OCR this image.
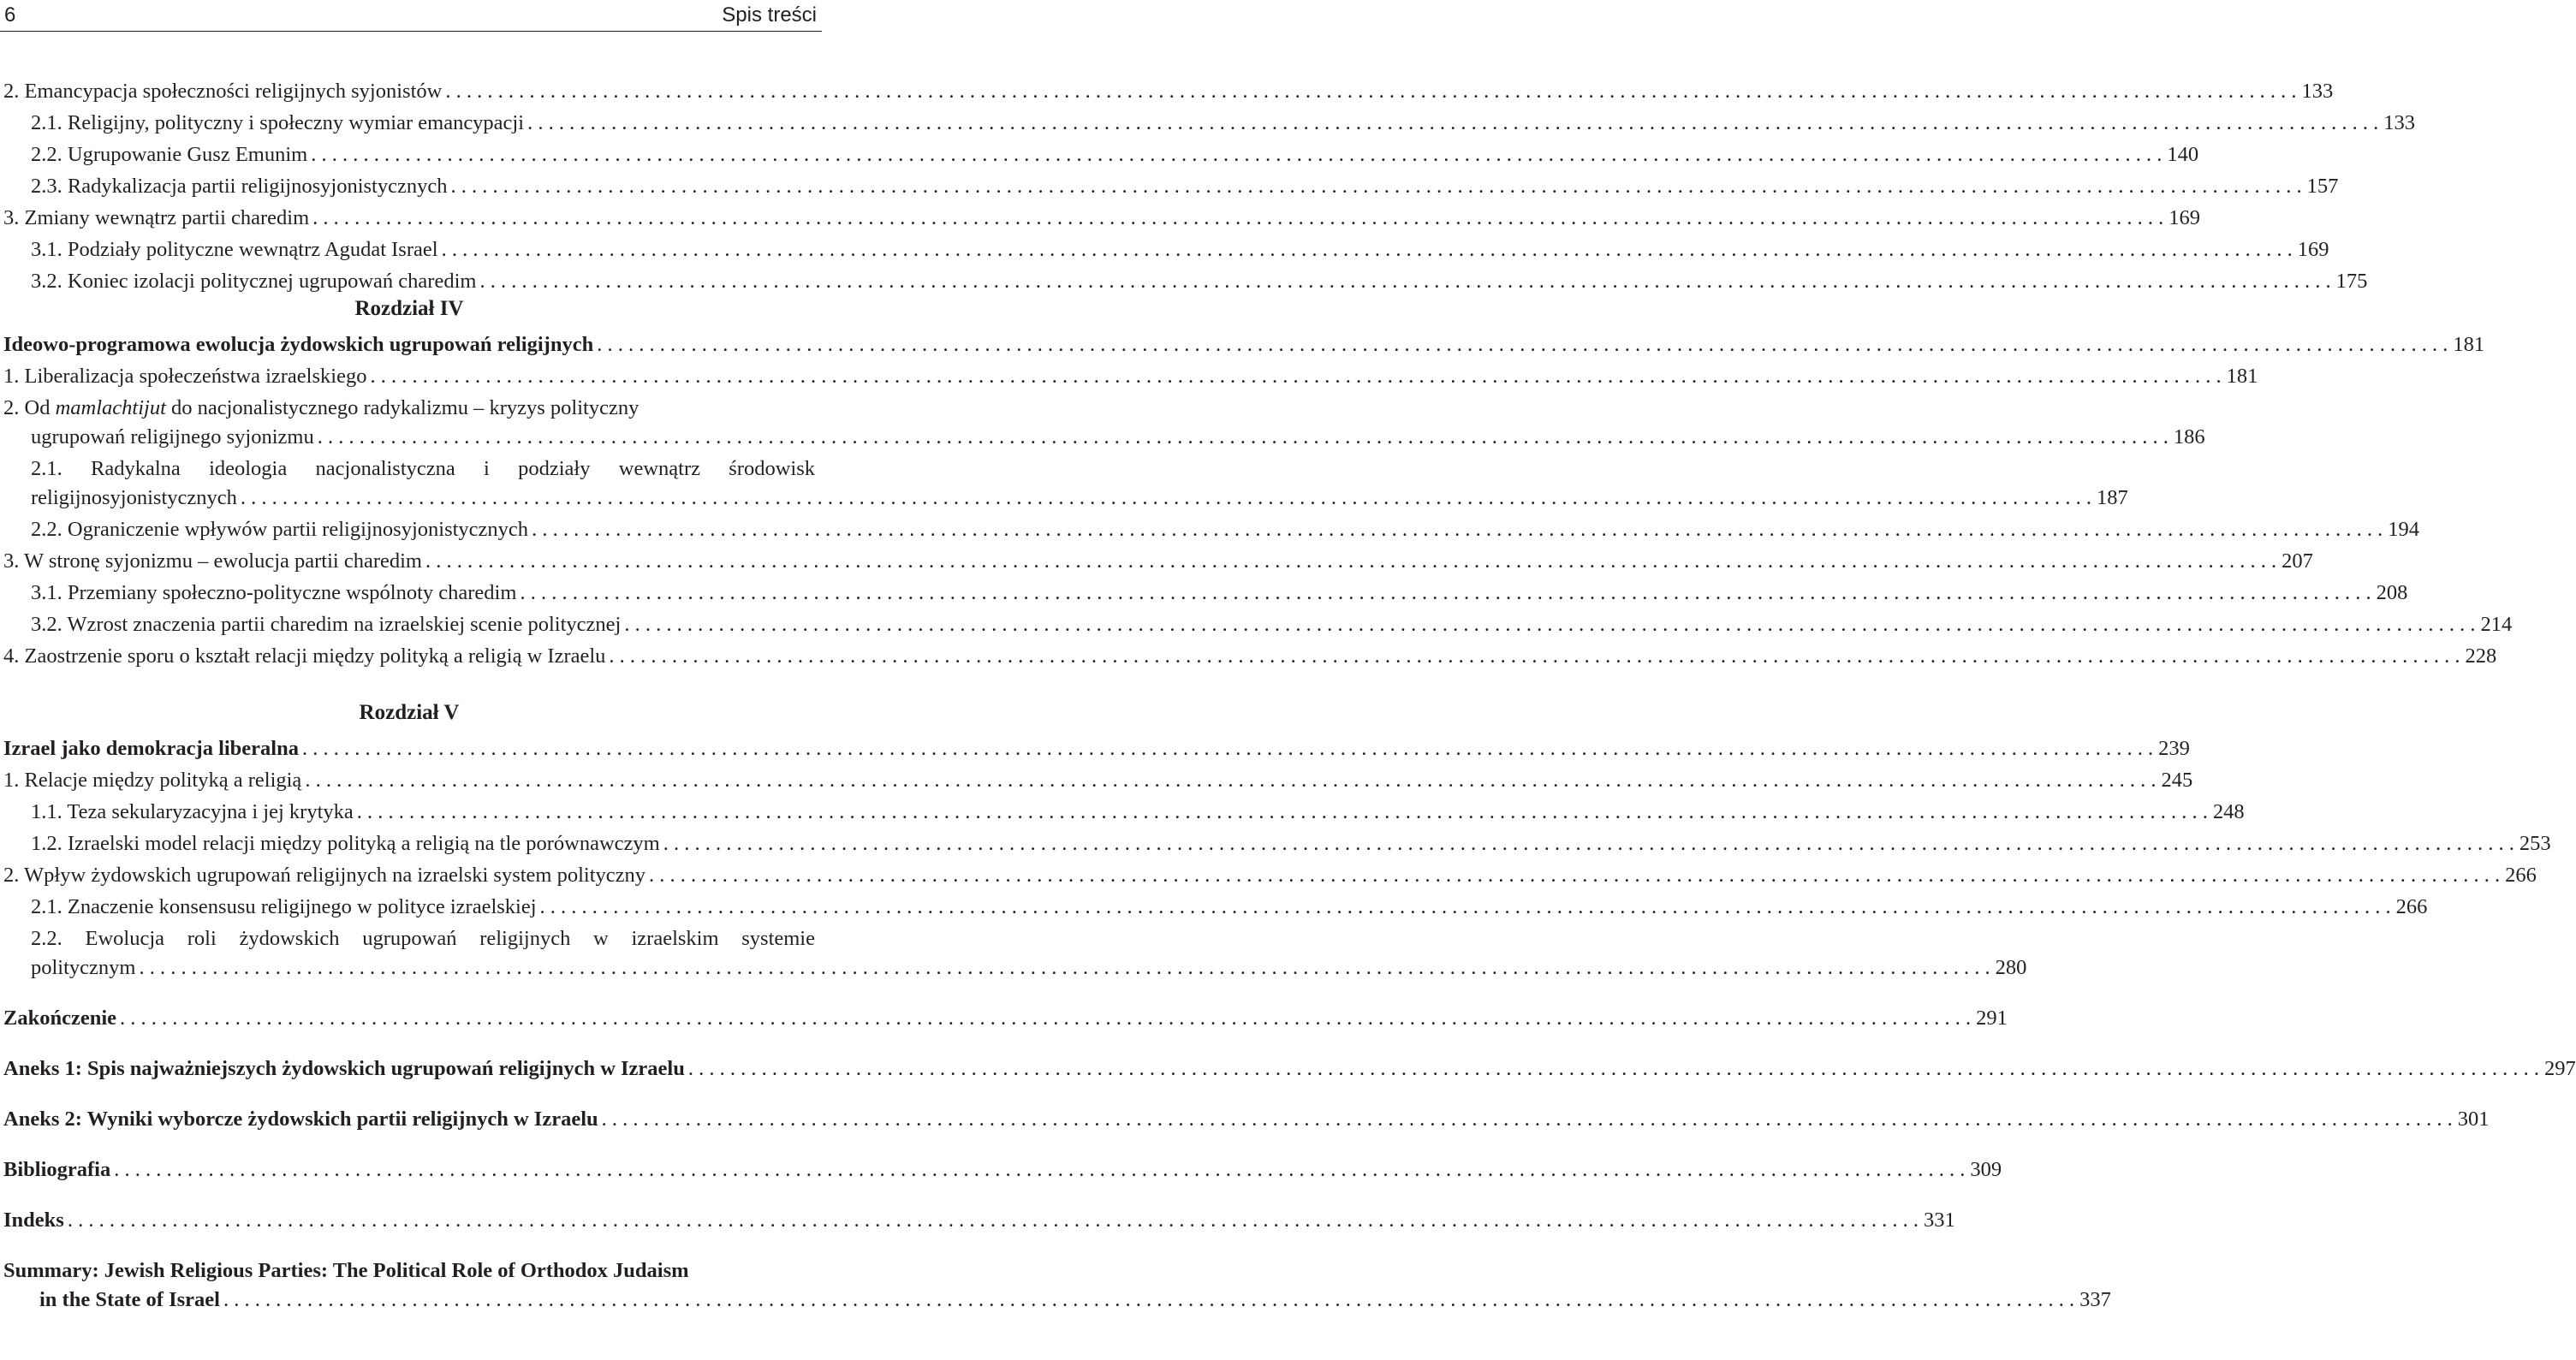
6	Spis treści
2. Emancypacja społeczności religijnych syjonistów . . .	133
2.1. Religijny, polityczny i społeczny wymiar emancypacji . . .	133
2.2. Ugrupowanie Gusz Emunim . . .	140
2.3. Radykalizacja partii religijnosyjonistycznych . . .	157
3. Zmiany wewnątrz partii charedim . . .	169
3.1. Podziały polityczne wewnątrz Agudat Israel . . .	169
3.2. Koniec izolacji politycznej ugrupowań charedim . . .	175
Rozdział IV
Ideowo-programowa ewolucja żydowskich ugrupowań religijnych . . .	181
1. Liberalizacja społeczeństwa izraelskiego . . .	181
2. Od mamlachtijut do nacjonalistycznego radykalizmu – kryzys polityczny
ugrupowań religijnego syjonizmu . . .	186
2.1. Radykalna ideologia nacjonalistyczna i podziały wewnątrz środowisk
religijnosyjonistycznych . . .	187
2.2. Ograniczenie wpływów partii religijnosyjonistycznych . . .	194
3. W stronę syjonizmu – ewolucja partii charedim . . .	207
3.1. Przemiany społeczno-polityczne wspólnoty charedim . . .	208
3.2. Wzrost znaczenia partii charedim na izraelskiej scenie politycznej . . .	214
4. Zaostrzenie sporu o kształt relacji między polityką a religią w Izraelu . . .	228
Rozdział V
Izrael jako demokracja liberalna . . .	239
1. Relacje między polityką a religią . . .	245
1.1. Teza sekularyzacyjna i jej krytyka . . .	248
1.2. Izraelski model relacji między polityką a religią na tle porównawczym . . .	253
2. Wpływ żydowskich ugrupowań religijnych na izraelski system polityczny . . .	266
2.1. Znaczenie konsensusu religijnego w polityce izraelskiej . . .	266
2.2. Ewolucja roli żydowskich ugrupowań religijnych w izraelskim systemie
politycznym . . .	280
Zakończenie . . .	291
Aneks 1: Spis najważniejszych żydowskich ugrupowań religijnych w Izraelu . . .	297
Aneks 2: Wyniki wyborcze żydowskich partii religijnych w Izraelu . . .	301
Bibliografia . . .	309
Indeks . . .	331
Summary: Jewish Religious Parties: The Political Role of Orthodox Judaism
in the State of Israel . . .	337
